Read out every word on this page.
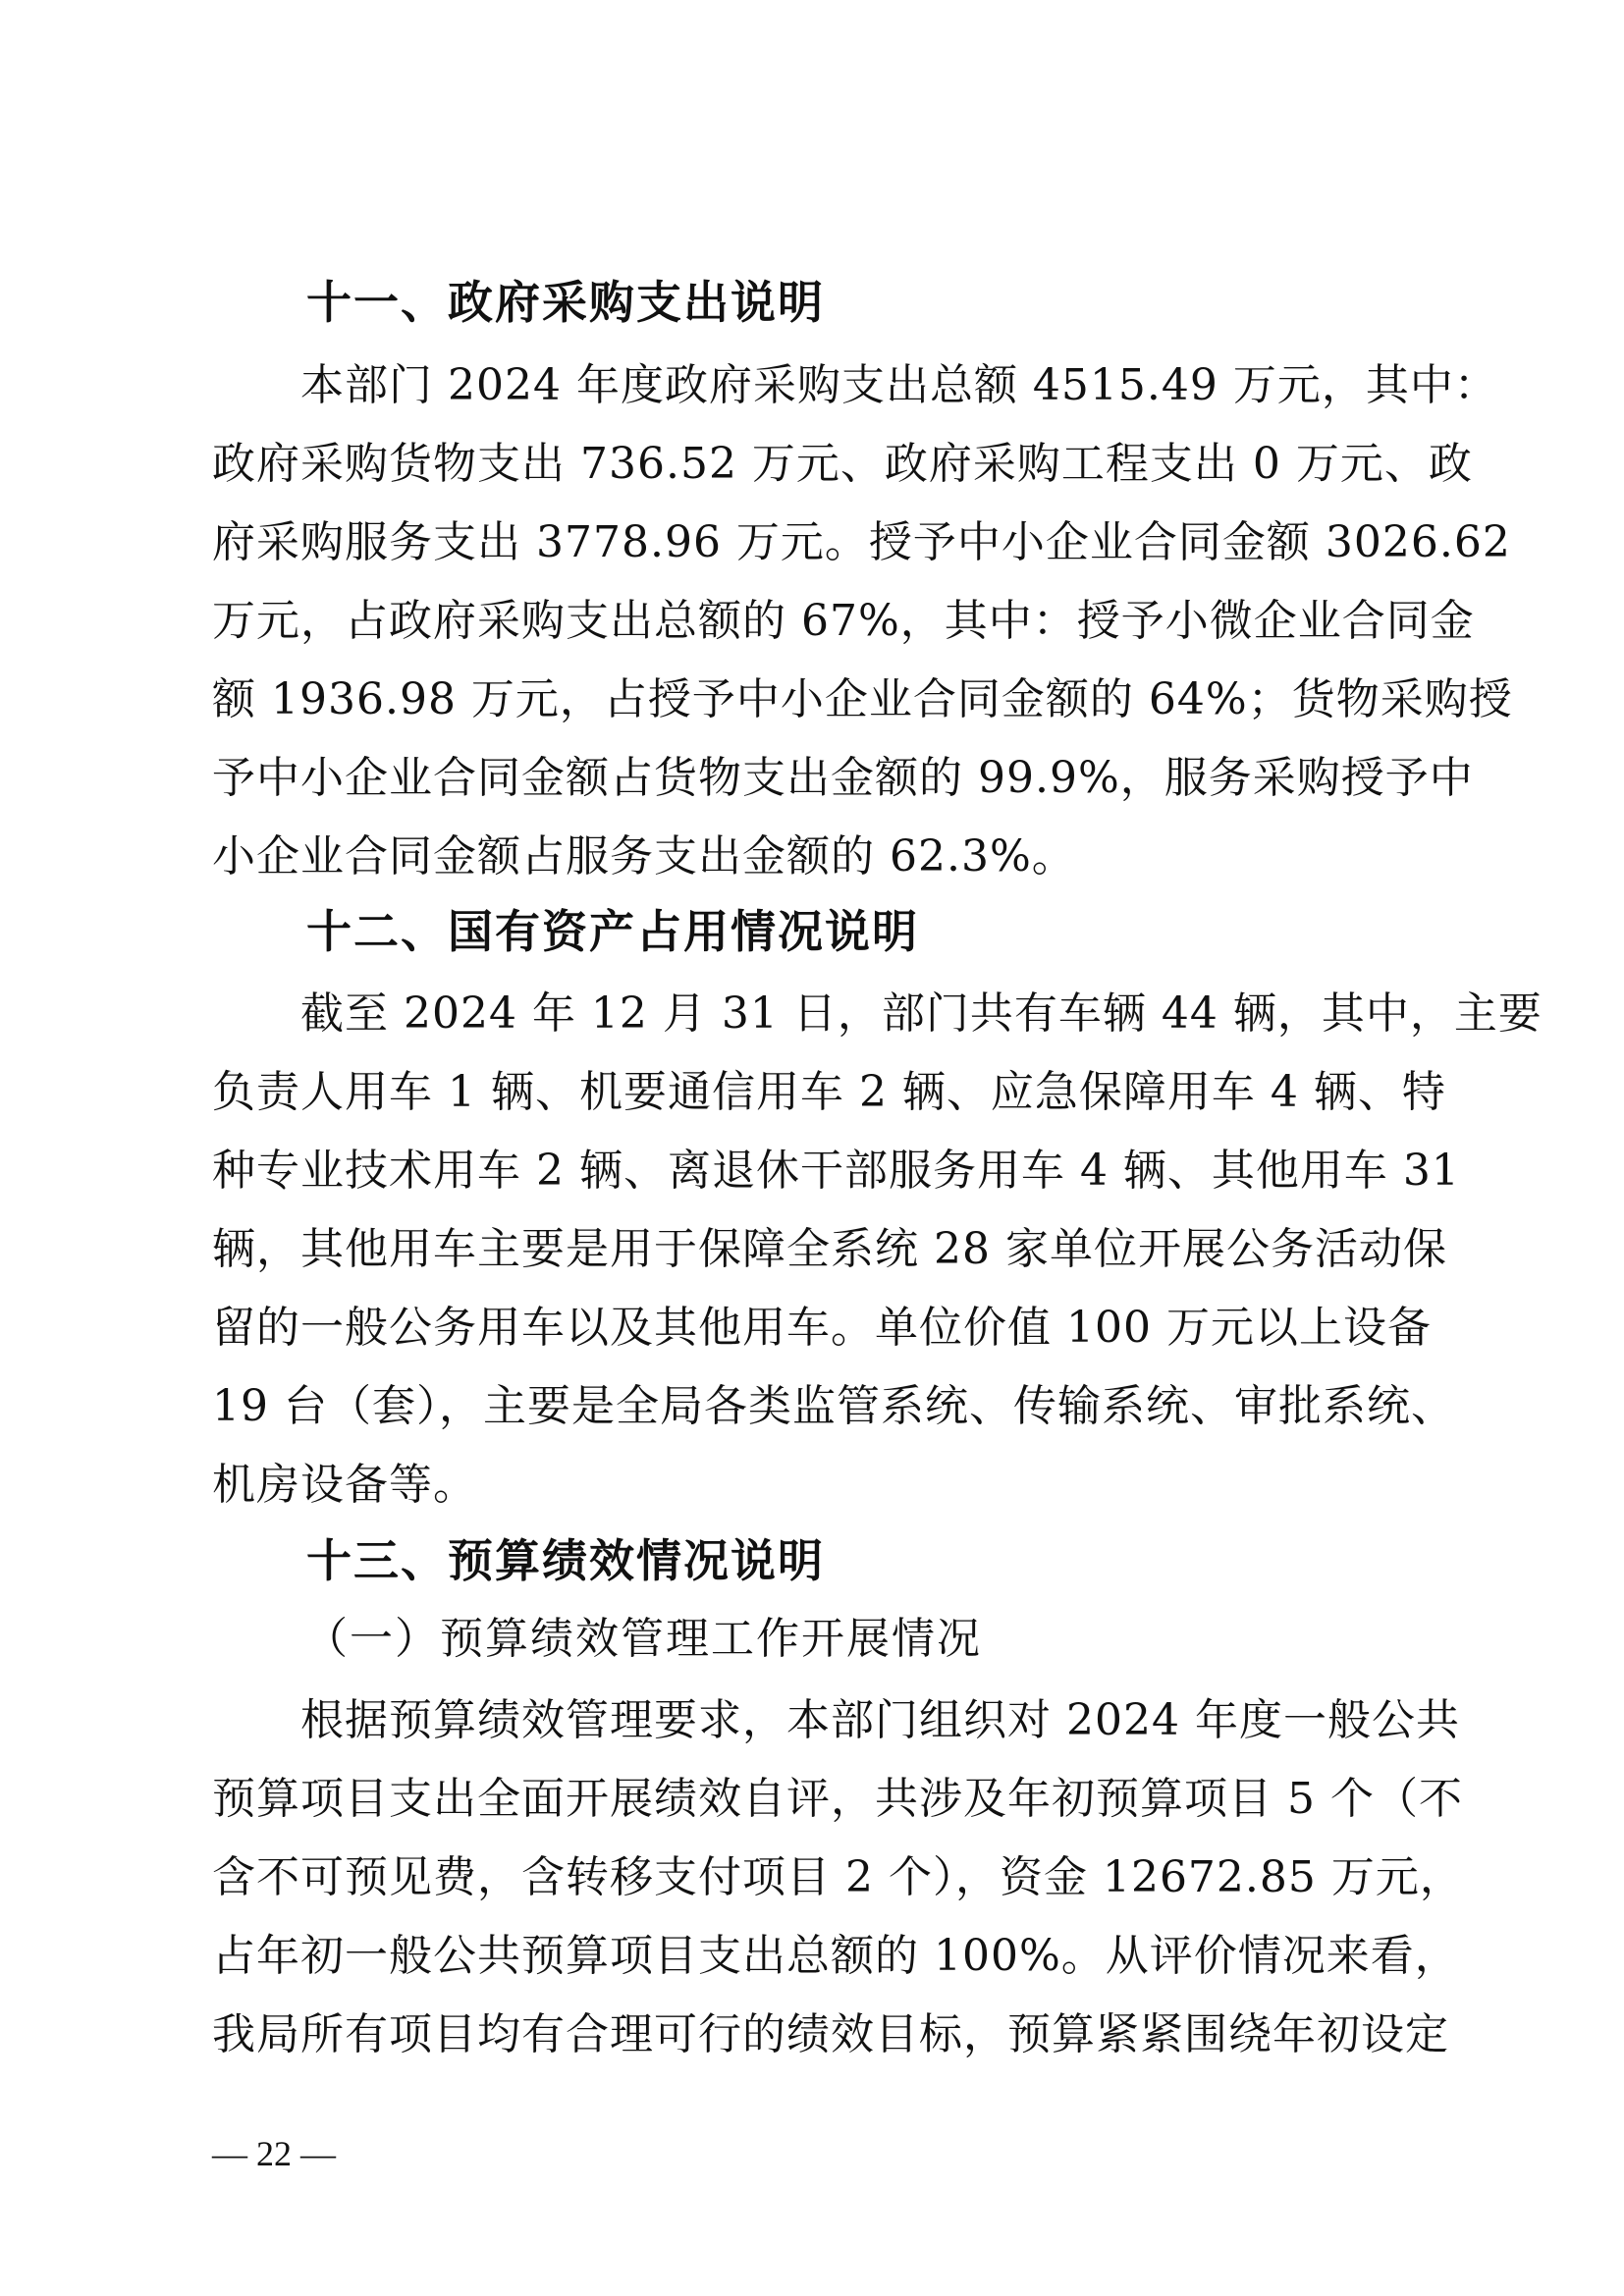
十一、政府采购支出说明
本部门 2024 年度政府采购支出总额 4515.49 万元，其中：
政府采购货物支出 736.52 万元、政府采购工程支出 0 万元、政
府采购服务支出 3778.96 万元。授予中小企业合同金额 3026.62
万元，占政府采购支出总额的 67%，其中：授予小微企业合同金
额 1936.98 万元，占授予中小企业合同金额的 64%；货物采购授
予中小企业合同金额占货物支出金额的 99.9%，服务采购授予中
小企业合同金额占服务支出金额的 62.3%。
十二、国有资产占用情况说明
截至 2024 年 12 月 31 日，部门共有车辆 44 辆，其中，主要
负责人用车 1 辆、机要通信用车 2 辆、应急保障用车 4 辆、特
种专业技术用车 2 辆、离退休干部服务用车 4 辆、其他用车 31
辆，其他用车主要是用于保障全系统 28 家单位开展公务活动保
留的一般公务用车以及其他用车。单位价值 100 万元以上设备
19 台（套），主要是全局各类监管系统、传输系统、审批系统、
机房设备等。
十三、预算绩效情况说明
（一）预算绩效管理工作开展情况
根据预算绩效管理要求，本部门组织对 2024 年度一般公共
预算项目支出全面开展绩效自评，共涉及年初预算项目 5 个（不
含不可预见费，含转移支付项目 2 个），资金 12672.85 万元，
占年初一般公共预算项目支出总额的 100%。从评价情况来看，
我局所有项目均有合理可行的绩效目标，预算紧紧围绕年初设定
— 22 —
